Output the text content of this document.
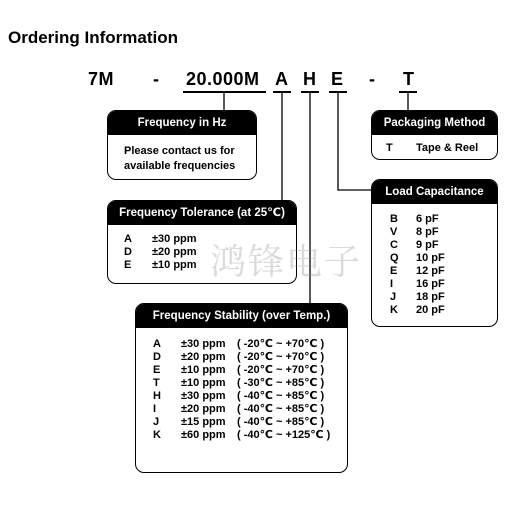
Ordering Information
7M - 20.000M A H E - T
Frequency in Hz
Please contact us for
available frequencies
Packaging Method
T	Tape & Reel
Frequency Tolerance (at 25℃)
A	±30 ppm
D	±20 ppm
E	±10 ppm
Load Capacitance
B	6 pF
V	8 pF
C	9 pF
Q	10 pF
E	12 pF
I	16 pF
J	18 pF
K	20 pF
Frequency Stability (over Temp.)
A	±30 ppm	( -20℃ ~ +70℃ )
D	±20 ppm	( -20℃ ~ +70℃ )
E	±10 ppm	( -20℃ ~ +70℃ )
T	±10 ppm	( -30℃ ~ +85℃ )
H	±30 ppm	( -40℃ ~ +85℃ )
I	±20 ppm	( -40℃ ~ +85℃ )
J	±15 ppm	( -40℃ ~ +85℃ )
K	±60 ppm	( -40℃ ~ +125℃ )
鸿锋电子
